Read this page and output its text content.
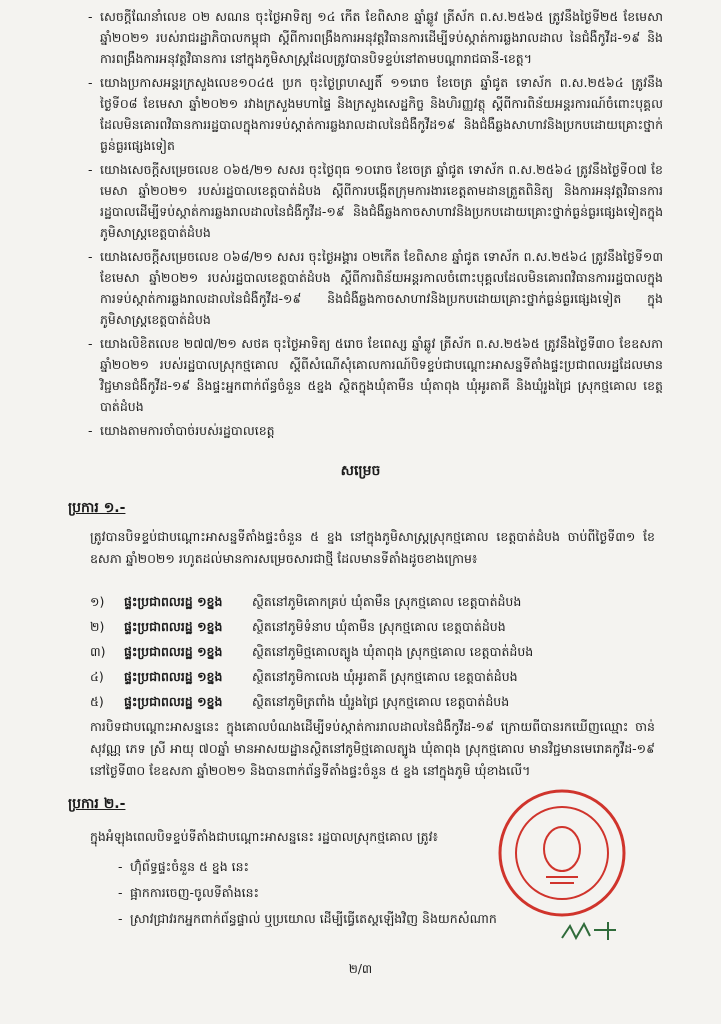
- សេចក្តីណែនាំលេខ ០២ សណន ចុះថ្ងៃអាទិត្យ ១៤ កើត ខែពិសាខ ឆ្នាំឆ្លូវ ត្រីស័ក ព.ស.២៥៦៥ ត្រូវនឹងថ្ងៃទី២៥ ខែមេសា ឆ្នាំ២០២១ របស់រាជរដ្ឋាភិបាលកម្ពុជា ស្តីពីការពង្រឹងការអនុវត្តវិធានការដើម្បីទប់ស្កាត់ការឆ្លងរាលដាល នៃជំងឺកូវីដ-១៩ និងការពង្រឹងការអនុវត្តវិធានការ នៅក្នុងភូមិសាស្រ្តដែលត្រូវបានបិទខ្ទប់នៅតាមបណ្តារាជធានី-ខេត្ត។
- យោងប្រកាសអន្តរក្រសួងលេខ១០៤៥ ប្រក ចុះថ្ងៃព្រហស្បតិ៍ ១១រោច ខែចេត្រ ឆ្នាំជូត ទោស័ក ព.ស.២៥៦៤ ត្រូវនឹងថ្ងៃទី០៨ ខែមេសា ឆ្នាំ២០២១ រវាងក្រសួងមហាផ្ទៃ និងក្រសួងសេដ្ឋកិច្ច និងហិរញ្ញវត្ថុ ស្តីពីការពិន័យអន្តរការណ៍ចំពោះបុគ្គល ដែលមិនគោរពវិធានការរដ្ឋបាលក្នុងការទប់ស្កាត់ការឆ្លងរាលដាលនៃជំងឺកូវីដ១៩ និងជំងឺឆ្លងសាហាវនិងប្រកបដោយគ្រោះថ្នាក់ធ្ងន់ធ្ងរផ្សេងទៀត
- យោងសេចក្តីសម្រេចលេខ ០៦៥/២១ សសរ ចុះថ្ងៃពុធ ១០រោច ខែចេត្រ ឆ្នាំជូត ទោស័ក ព.ស.២៥៦៤ ត្រូវនឹងថ្ងៃទី០៧ ខែមេសា ឆ្នាំ២០២១ របស់រដ្ឋបាលខេត្តបាត់ដំបង ស្តីពីការបង្កើតក្រុមការងារខេត្តតាមដានត្រួតពិនិត្យ និងការអនុវត្តវិធានការរដ្ឋបាលដើម្បីទប់ស្កាត់ការឆ្លងរាលដាលនៃជំងឺកូវីដ-១៩ និងជំងឺឆ្លងកាចសាហាវនិងប្រកបដោយគ្រោះថ្នាក់ធ្ងន់ធ្ងរផ្សេងទៀតក្នុងភូមិសាស្ត្រខេត្តបាត់ដំបង
- យោងសេចក្តីសម្រេចលេខ ០៦៨/២១ សសរ ចុះថ្ងៃអង្គារ ០២កើត ខែពិសាខ ឆ្នាំជូត ទោស័ក ព.ស.២៥៦៤ ត្រូវនឹងថ្ងៃទី១៣ ខែមេសា ឆ្នាំ២០២១ របស់រដ្ឋបាលខេត្តបាត់ដំបង ស្តីពីការពិន័យអន្តរកាលចំពោះបុគ្គលដែលមិនគោរពវិធានការរដ្ឋបាលក្នុងការទប់ស្កាត់ការឆ្លងរាលដាលនៃជំងឺកូវីដ-១៩ និងជំងឺឆ្លងកាចសាហាវនិងប្រកបដោយគ្រោះថ្នាក់ធ្ងន់ធ្ងរផ្សេងទៀត ក្នុងភូមិសាស្ត្រខេត្តបាត់ដំបង
- យោងលិខិតលេខ ២៧៧/២១ សថគ ចុះថ្ងៃអាទិត្យ ៥រោច ខែពេស្ស ឆ្នាំឆ្លូវ ត្រីស័ក ព.ស.២៥៦៥ ត្រូវនឹងថ្ងៃទី៣០ ខែឧសភា ឆ្នាំ២០២១ របស់រដ្ឋបាលស្រុកថ្មគោល ស្តីពីសំណើសុំគោលការណ៍បិទខ្ទប់ជាបណ្តោះអាសន្នទីតាំងផ្ទះប្រជាពលរដ្ឋដែលមានវិជ្ជមានជំងឺកូវីដ-១៩ និងផ្ទះអ្នកពាក់ព័ន្ធចំនួន ៥ខ្នង ស្ថិតក្នុងឃុំតាមឺន ឃុំតាពុង ឃុំអូរតាគី និងឃុំរូងជ្រៃ ស្រុកថ្មគោល ខេត្តបាត់ដំបង
- យោងតាមការចាំបាច់របស់រដ្ឋបាលខេត្ត
សម្រេច
ប្រការ ១.-

ត្រូវបានបិទខ្ទប់ជាបណ្តោះអាសន្នទីតាំងផ្ទះចំនួន ៥ ខ្នង នៅក្នុងភូមិសាស្រ្តស្រុកថ្មគោល ខេត្តបាត់ដំបង ចាប់ពីថ្ងៃទី៣១ ខែឧសភា ឆ្នាំ២០២១ រហូតដល់មានការសម្រេចសារជាថ្មី ដែលមានទីតាំងដូចខាងក្រោម៖

១) ផ្ទះប្រជាពលរដ្ឋ ១ខ្នង ស្ថិតនៅភូមិគោកគ្រប់ ឃុំតាមឺន ស្រុកថ្មគោល ខេត្តបាត់ដំបង
២) ផ្ទះប្រជាពលរដ្ឋ ១ខ្នង ស្ថិតនៅភូមិទំនាប ឃុំតាមឺន ស្រុកថ្មគោល ខេត្តបាត់ដំបង
៣) ផ្ទះប្រជាពលរដ្ឋ ១ខ្នង ស្ថិតនៅភូមិថ្មគោលត្បូង ឃុំតាពុង ស្រុកថ្មគោល ខេត្តបាត់ដំបង
៤) ផ្ទះប្រជាពលរដ្ឋ ១ខ្នង ស្ថិតនៅភូមិកាលេង ឃុំអូរតាគី ស្រុកថ្មគោល ខេត្តបាត់ដំបង
៥) ផ្ទះប្រជាពលរដ្ឋ ១ខ្នង ស្ថិតនៅភូមិត្រពាំង ឃុំរូងជ្រៃ ស្រុកថ្មគោល ខេត្តបាត់ដំបង

ការបិទជាបណ្តោះអាសន្ននេះ ក្នុងគោលបំណងដើម្បីទប់ស្កាត់ការរាលដាលនៃជំងឺកូវីដ-១៩ ក្រោយពីបានរកឃើញឈ្មោះ ចាន់ សុវណ្ណ ភេទ ស្រី អាយុ ៧០ឆ្នាំ មានអាសយដ្ឋានស្ថិតនៅភូមិថ្មគោលត្បូង ឃុំតាពុង ស្រុកថ្មគោល មានវិជ្ជមានមេរោគកូវីដ-១៩ នៅថ្ងៃទី៣០ ខែឧសភា ឆ្នាំ២០២១ និងបានពាក់ព័ន្ធទីតាំងផ្ទះចំនួន ៥ ខ្នង នៅក្នុងភូមិ ឃុំខាងលើ។

ប្រការ ២.-

ក្នុងអំឡុងពេលបិទខ្ទប់ទីតាំងជាបណ្តោះអាសន្ននេះ រដ្ឋបាលស្រុកថ្មគោល ត្រូវ៖

- ហ៊ុំព័ទ្ធផ្ទះចំនួន ៥ ខ្នង នេះ
- ផ្អាកការចេញ-ចូលទីតាំងនេះ
- ស្រាវជ្រាវរកអ្នកពាក់ព័ន្ធផ្ទាល់ ឬប្រយោល ដើម្បីធ្វើតេស្តឡើងវិញ និងយកសំណាក
២/៣
